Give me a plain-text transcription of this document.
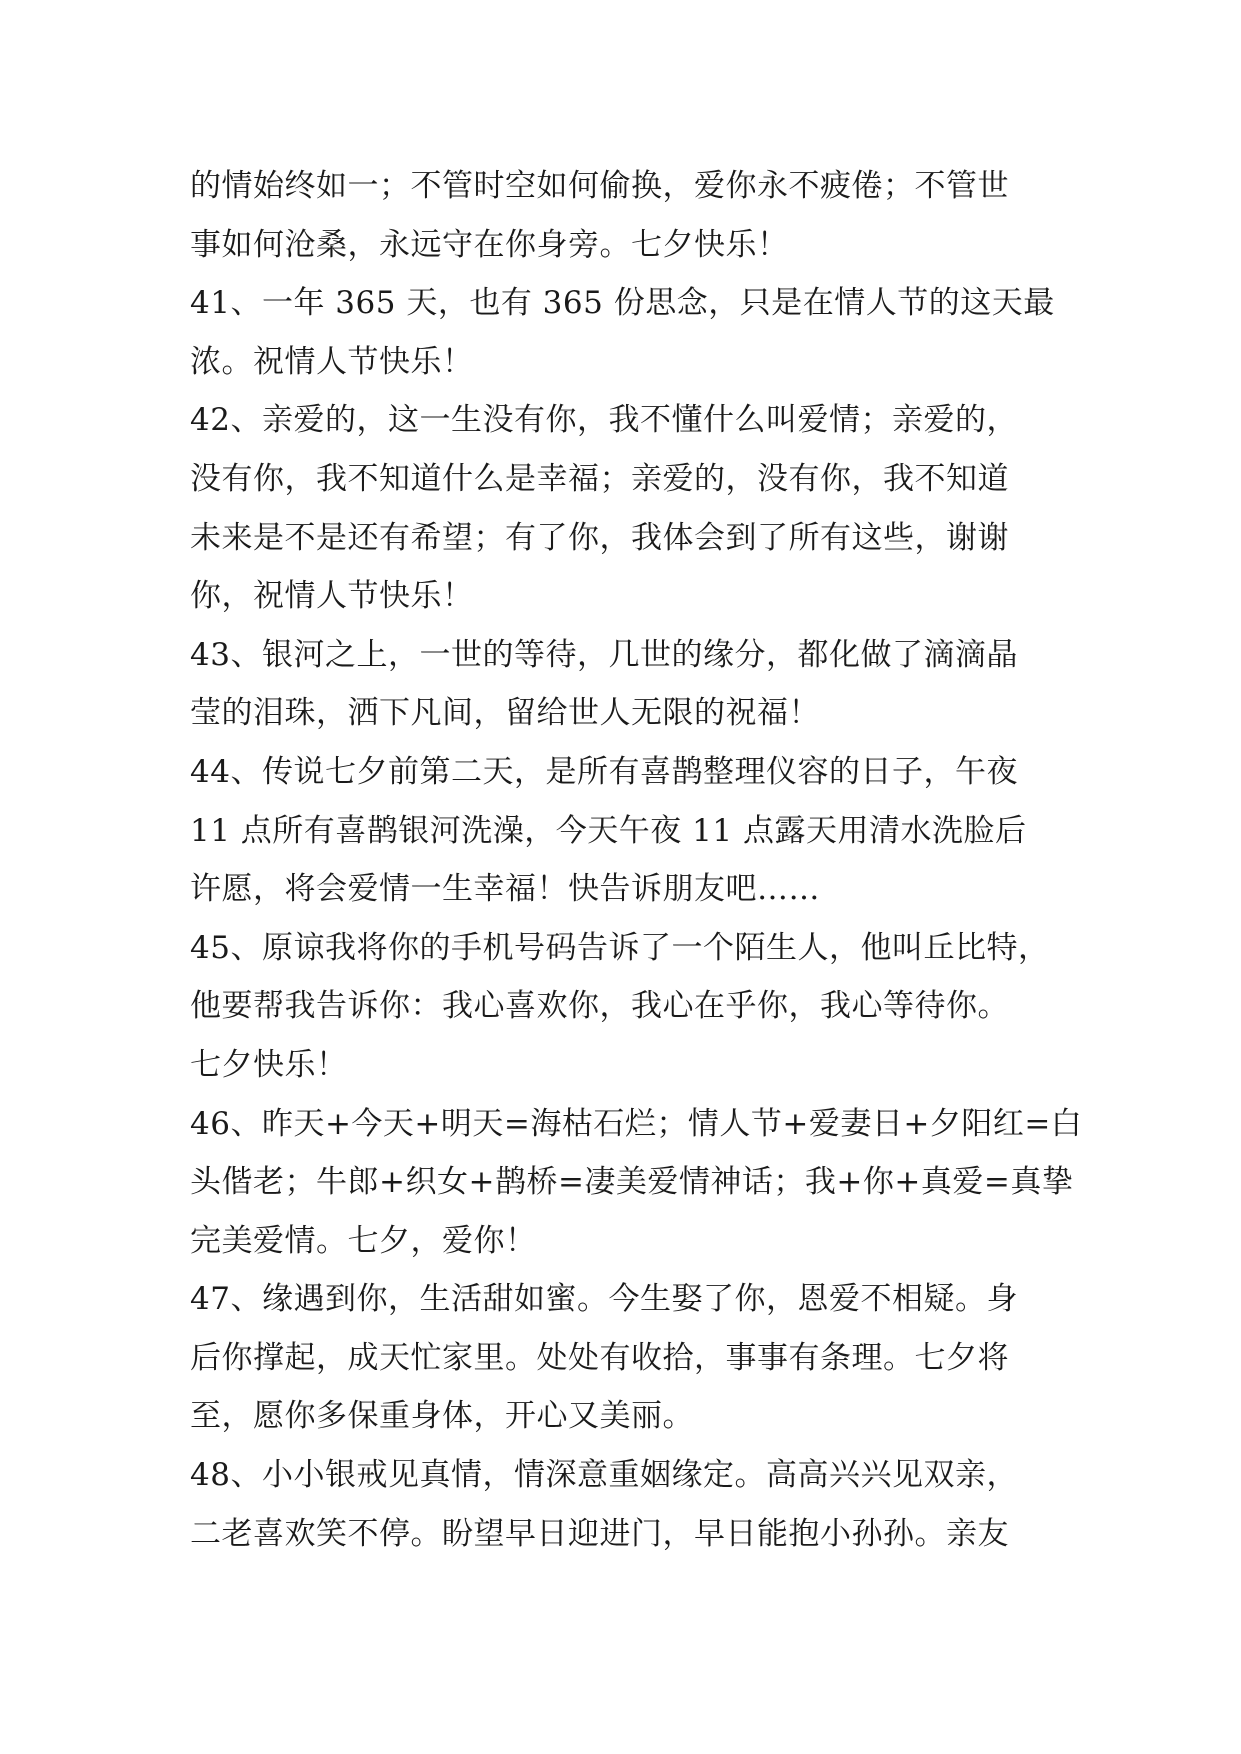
的情始终如一；不管时空如何偷换，爱你永不疲倦；不管世
事如何沧桑，永远守在你身旁。七夕快乐！
41、一年 365 天，也有 365 份思念，只是在情人节的这天最
浓。祝情人节快乐！
42、亲爱的，这一生没有你，我不懂什么叫爱情；亲爱的，
没有你，我不知道什么是幸福；亲爱的，没有你，我不知道
未来是不是还有希望；有了你，我体会到了所有这些，谢谢
你，祝情人节快乐！
43、银河之上，一世的等待，几世的缘分，都化做了滴滴晶
莹的泪珠，洒下凡间，留给世人无限的祝福！
44、传说七夕前第二天，是所有喜鹊整理仪容的日子，午夜
11 点所有喜鹊银河洗澡，今天午夜 11 点露天用清水洗脸后
许愿，将会爱情一生幸福！快告诉朋友吧……
45、原谅我将你的手机号码告诉了一个陌生人，他叫丘比特，
他要帮我告诉你：我心喜欢你，我心在乎你，我心等待你。
七夕快乐！
46、昨天+今天+明天=海枯石烂；情人节+爱妻日+夕阳红=白
头偕老；牛郎+织女+鹊桥=凄美爱情神话；我+你+真爱=真挚
完美爱情。七夕，爱你！
47、缘遇到你，生活甜如蜜。今生娶了你，恩爱不相疑。身
后你撑起，成天忙家里。处处有收拾，事事有条理。七夕将
至，愿你多保重身体，开心又美丽。
48、小小银戒见真情，情深意重姻缘定。高高兴兴见双亲，
二老喜欢笑不停。盼望早日迎进门，早日能抱小孙孙。亲友
